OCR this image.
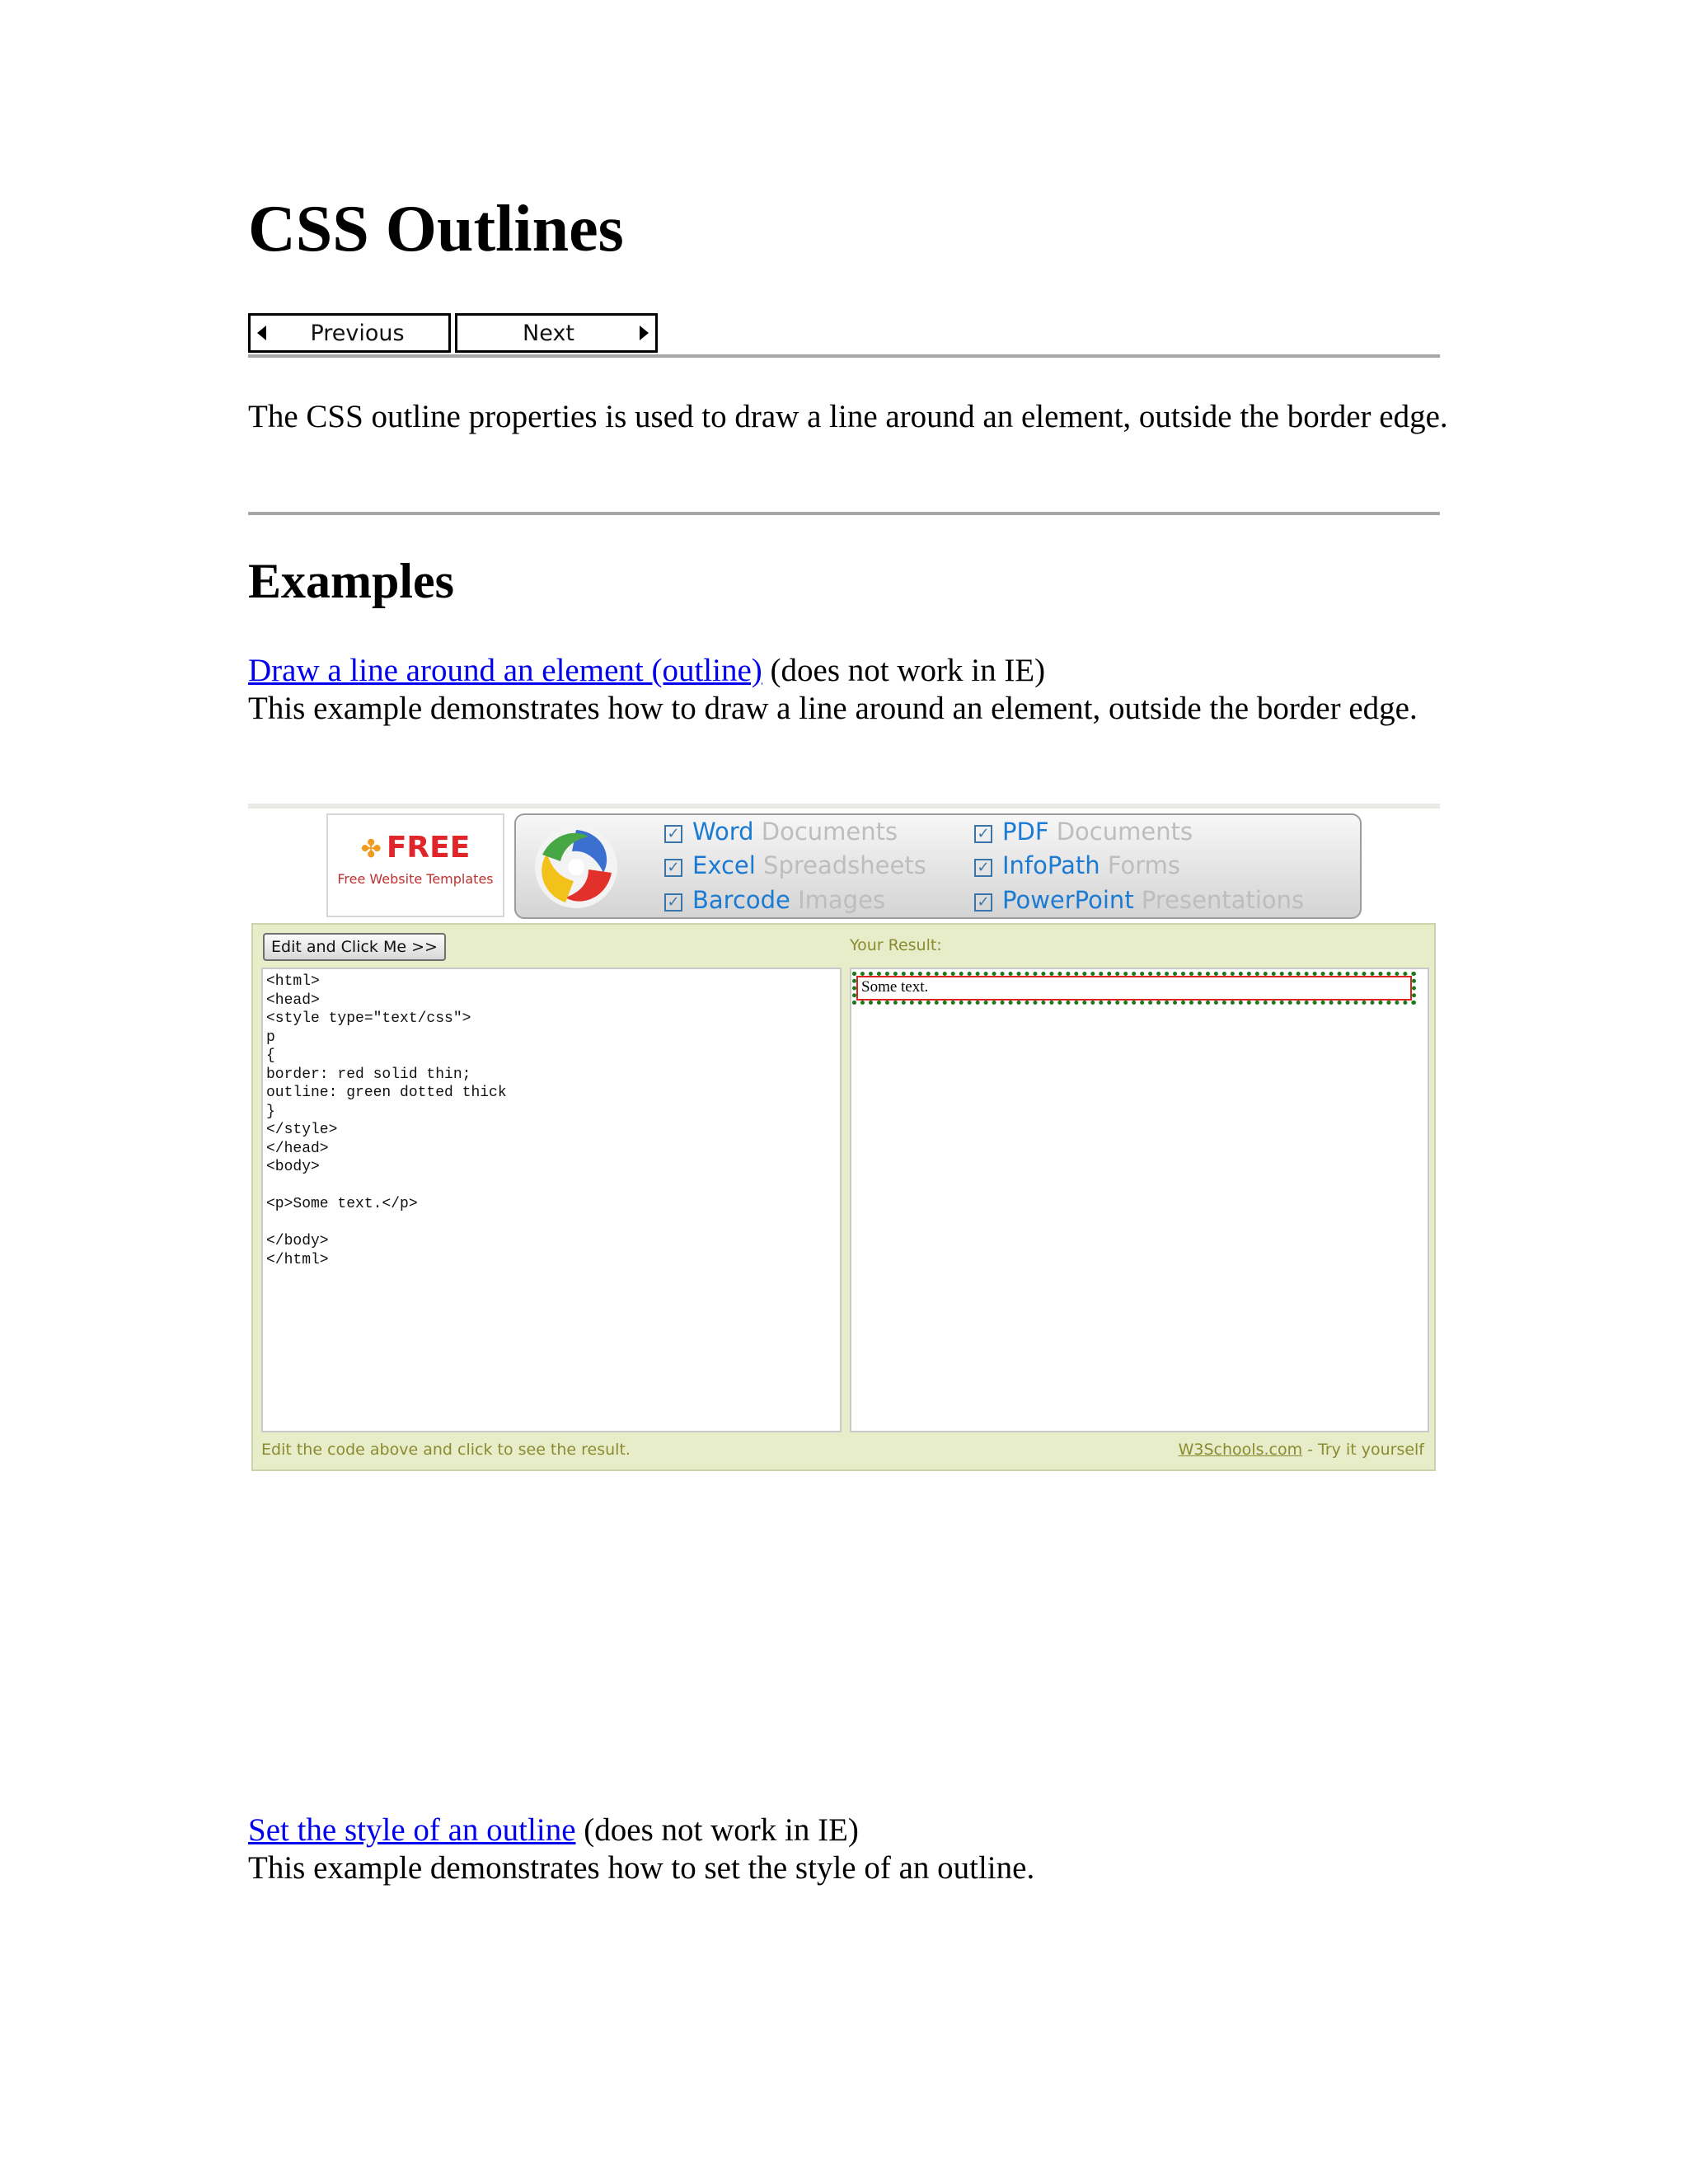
CSS Outlines
Previous	Next
The CSS outline properties is used to draw a line around an element, outside the border edge.
Examples
Draw a line around an element (outline) (does not work in IE)
This example demonstrates how to draw a line around an element, outside the border edge.
✤ FREE
Free Website Templates
✓ Word Documents
✓ Excel Spreadsheets
✓ Barcode Images
✓ PDF Documents
✓ InfoPath Forms
✓ PowerPoint Presentations
Edit and Click Me >>	Your Result:
<html>
<head>
<style type="text/css">
p
{
border: red solid thin;
outline: green dotted thick
}
</style>
</head>
<body>
<p>Some text.</p>
</body>
</html>
Some text.
Edit the code above and click to see the result.	W3Schools.com - Try it yourself
Set the style of an outline (does not work in IE)
This example demonstrates how to set the style of an outline.
